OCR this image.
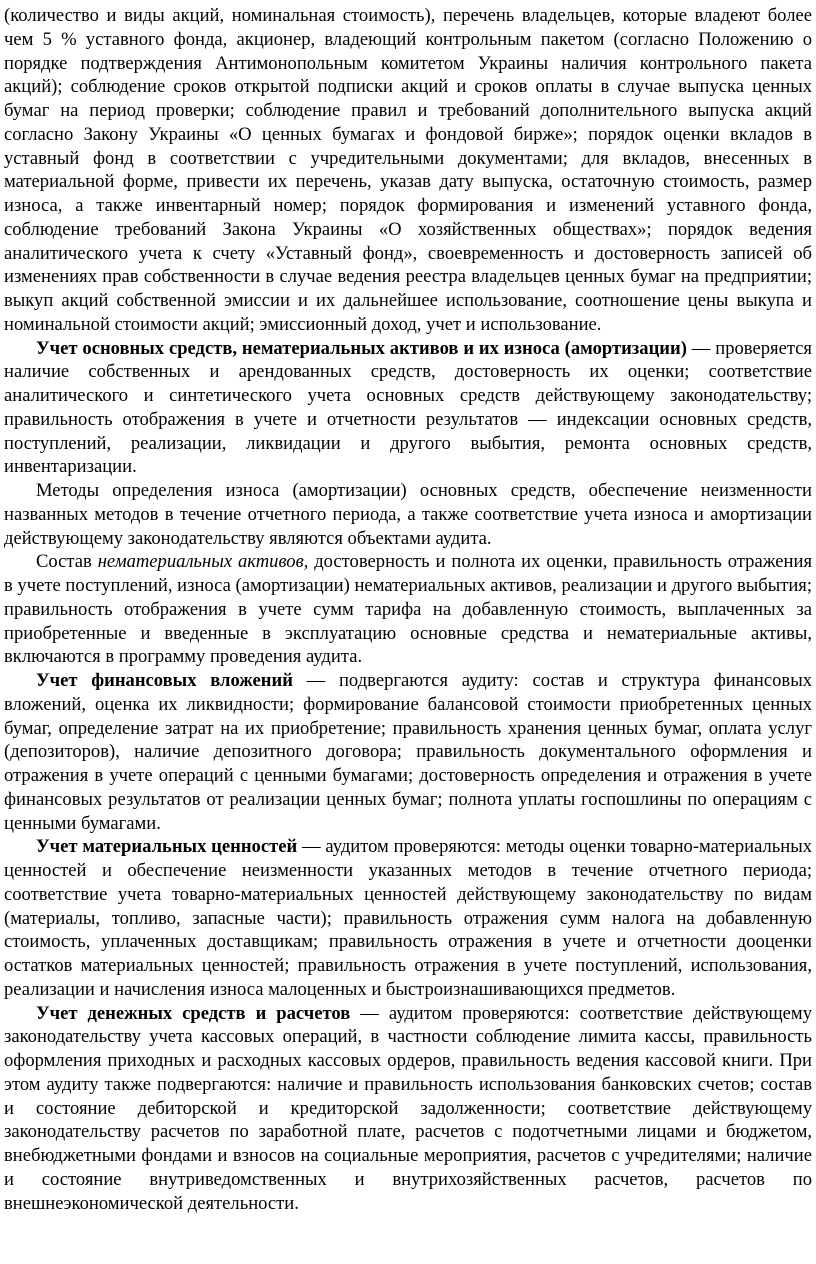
(количество и виды акций, номинальная стоимость), перечень владельцев, которые владеют более чем 5 % уставного фонда, акционер, владеющий контрольным пакетом (согласно Положению о порядке подтверждения Антимонопольным комитетом Украины наличия контрольного пакета акций); соблюдение сроков открытой подписки акций и сроков оплаты в случае выпуска ценных бумаг на период проверки; соблюдение правил и требований дополнительного выпуска акций согласно Закону Украины «О ценных бумагах и фондовой бирже»; порядок оценки вкладов в уставный фонд в соответствии с учредительными документами; для вкладов, внесенных в материальной форме, привести их перечень, указав дату выпуска, остаточную стоимость, размер износа, а также инвентарный номер; порядок формирования и изменений уставного фонда, соблюдение требований Закона Украины «О хозяйственных обществах»; порядок ведения аналитического учета к счету «Уставный фонд», своевременность и достоверность записей об изменениях прав собственности в случае ведения реестра владельцев ценных бумаг на предприятии; выкуп акций собственной эмиссии и их дальнейшее использование, соотношение цены выкупа и номинальной стоимости акций; эмиссионный доход, учет и использование.

Учет основных средств, нематериальных активов и их износа (амортизации) — проверяется наличие собственных и арендованных средств, достоверность их оценки; соответствие аналитического и синтетического учета основных средств действующему законодательству; правильность отображения в учете и отчетности результатов — индексации основных средств, поступлений, реализации, ликвидации и другого выбытия, ремонта основных средств, инвентаризации.

Методы определения износа (амортизации) основных средств, обеспечение неизменности названных методов в течение отчетного периода, а также соответствие учета износа и амортизации действующему законодательству являются объектами аудита.

Состав нематериальных активов, достоверность и полнота их оценки, правильность отражения в учете поступлений, износа (амортизации) нематериальных активов, реализации и другого выбытия; правильность отображения в учете сумм тарифа на добавленную стоимость, выплаченных за приобретенные и введенные в эксплуатацию основные средства и нематериальные активы, включаются в программу проведения аудита.

Учет финансовых вложений — подвергаются аудиту: состав и структура финансовых вложений, оценка их ликвидности; формирование балансовой стоимости приобретенных ценных бумаг, определение затрат на их приобретение; правильность хранения ценных бумаг, оплата услуг (депозиторов), наличие депозитного договора; правильность документального оформления и отражения в учете операций с ценными бумагами; достоверность определения и отражения в учете финансовых результатов от реализации ценных бумаг; полнота уплаты госпошлины по операциям с ценными бумагами.

Учет материальных ценностей — аудитом проверяются: методы оценки товарно-материальных ценностей и обеспечение неизменности указанных методов в течение отчетного периода; соответствие учета товарно-материальных ценностей действующему законодательству по видам (материалы, топливо, запасные части); правильность отражения сумм налога на добавленную стоимость, уплаченных доставщикам; правильность отражения в учете и отчетности дооценки остатков материальных ценностей; правильность отражения в учете поступлений, использования, реализации и начисления износа малоценных и быстроизнашивающихся предметов.

Учет денежных средств и расчетов — аудитом проверяются: соответствие действующему законодательству учета кассовых операций, в частности соблюдение лимита кассы, правильность оформления приходных и расходных кассовых ордеров, правильность ведения кассовой книги. При этом аудиту также подвергаются: наличие и правильность использования банковских счетов; состав и состояние дебиторской и кредиторской задолженности; соответствие действующему законодательству расчетов по заработной плате, расчетов с подотчетными лицами и бюджетом, внебюджетными фондами и взносов на социальные мероприятия, расчетов с учредителями; наличие и состояние внутриведомственных и внутрихозяйственных расчетов, расчетов по внешнеэкономической деятельности.
